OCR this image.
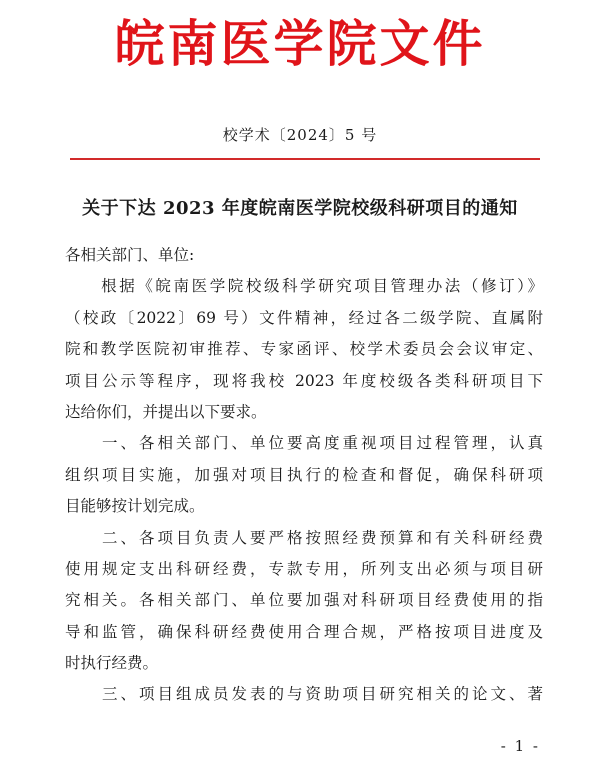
皖南医学院文件
校学术〔2024〕5 号
关于下达 2023 年度皖南医学院校级科研项目的通知
各相关部门、单位:
　　根据《皖南医学院校级科学研究项目管理办法（修订）》
（校政〔2022〕69 号）文件精神，经过各二级学院、直属附
院和教学医院初审推荐、专家函评、校学术委员会会议审定、
项目公示等程序，现将我校 2023 年度校级各类科研项目下
达给你们，并提出以下要求。
　　一、各相关部门、单位要高度重视项目过程管理，认真
组织项目实施，加强对项目执行的检查和督促，确保科研项
目能够按计划完成。
　　二、各项目负责人要严格按照经费预算和有关科研经费
使用规定支出科研经费，专款专用，所列支出必须与项目研
究相关。各相关部门、单位要加强对科研项目经费使用的指
导和监管，确保科研经费使用合理合规，严格按项目进度及
时执行经费。
　　三、项目组成员发表的与资助项目研究相关的论文、著
- 1 -
